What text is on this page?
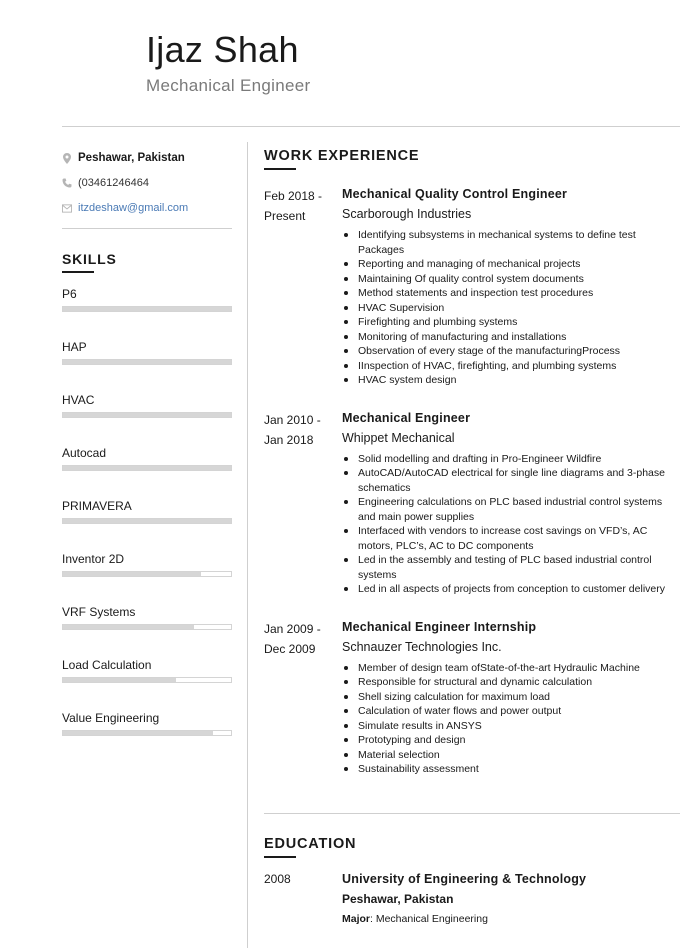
Ijaz Shah
Mechanical Engineer
Peshawar, Pakistan
(03461246464
itzdeshaw@gmail.com
SKILLS
P6
HAP
HVAC
Autocad
PRIMAVERA
Inventor 2D
VRF Systems
Load Calculation
Value Engineering
WORK EXPERIENCE
Feb 2018 -
Present
Mechanical Quality Control Engineer
Scarborough Industries
Identifying subsystems in mechanical systems to define test Packages
Reporting and managing of mechanical projects
Maintaining Of quality control system documents
Method statements and inspection test procedures
HVAC Supervision
Firefighting and plumbing systems
Monitoring of manufacturing and installations
Observation of every stage of the manufacturingProcess
IInspection of HVAC, firefighting, and plumbing systems
HVAC system design
Jan 2010 -
Jan 2018
Mechanical Engineer
Whippet Mechanical
Solid modelling and drafting in Pro-Engineer Wildfire
AutoCAD/AutoCAD electrical for single line diagrams and 3-phase schematics
Engineering calculations on PLC based industrial control systems and main power supplies
Interfaced with vendors to increase cost savings on VFD’s, AC motors, PLC’s, AC to DC components
Led in the assembly and testing of PLC based industrial control systems
Led in all aspects of projects from conception to customer delivery
Jan 2009 -
Dec 2009
Mechanical Engineer Internship
Schnauzer Technologies Inc.
Member of design team ofState-of-the-art Hydraulic Machine
Responsible for structural and dynamic calculation
Shell sizing calculation for maximum load
Calculation of water flows and power output
Simulate results in ANSYS
Prototyping and design
Material selection
Sustainability assessment
EDUCATION
2008	University of Engineering & Technology
Peshawar, Pakistan
Major: Mechanical Engineering
